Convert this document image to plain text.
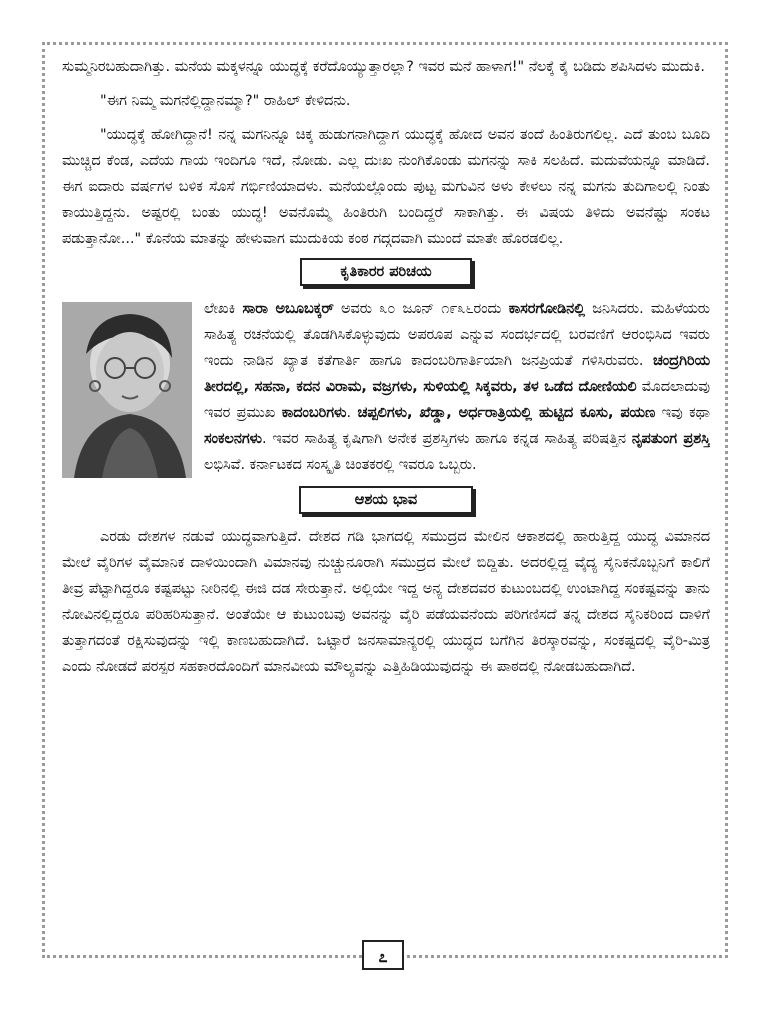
ಸುಮ್ಮನಿರಬಹುದಾಗಿತ್ತು. ಮನೆಯ ಮಕ್ಕಳನ್ನೂ ಯುದ್ಧಕ್ಕೆ ಕರೆದೊಯ್ಯುತ್ತಾರಲ್ಲಾ? ಇವರ ಮನೆ ಹಾಳಾಗ!" ನೆಲಕ್ಕೆ ಕೈ ಬಡಿದು ಶಪಿಸಿದಳು ಮುದುಕಿ.

"ಈಗ ನಿಮ್ಮ ಮಗನೆಲ್ಲಿದ್ದಾನಮ್ಮಾ?" ರಾಹಿಲ್ ಕೇಳಿದನು.

"ಯುದ್ಧಕ್ಕೆ ಹೋಗಿದ್ದಾನೆ! ನನ್ನ ಮಗನಿನ್ನೂ ಚಿಕ್ಕ ಹುಡುಗನಾಗಿದ್ದಾಗ ಯುದ್ಧಕ್ಕೆ ಹೋದ ಅವನ ತಂದೆ ಹಿಂತಿರುಗಲಿಲ್ಲ. ಎದೆ ತುಂಬ ಬೂದಿ ಮುಚ್ಚಿದ ಕೆಂಡ, ಎದೆಯ ಗಾಯ ಇಂದಿಗೂ ಇದೆ, ನೋಡು. ಎಲ್ಲ ದುಃಖ ನುಂಗಿಕೊಂಡು ಮಗನನ್ನು ಸಾಕಿ ಸಲಹಿದೆ. ಮದುವೆಯನ್ನೂ ಮಾಡಿದೆ. ಈಗ ಐದಾರು ವರ್ಷಗಳ ಬಳಿಕ ಸೊಸೆ ಗರ್ಭಿಣಿಯಾದಳು. ಮನೆಯಲ್ಲೊಂದು ಪುಟ್ಟ ಮಗುವಿನ ಅಳು ಕೇಳಲು ನನ್ನ ಮಗನು ತುದಿಗಾಲಲ್ಲಿ ನಿಂತು ಕಾಯುತ್ತಿದ್ದನು. ಅಷ್ಟರಲ್ಲಿ ಬಂತು ಯುದ್ಧ! ಅವನೊಮ್ಮೆ ಹಿಂತಿರುಗಿ ಬಂದಿದ್ದರೆ ಸಾಕಾಗಿತ್ತು. ಈ ವಿಷಯ ತಿಳಿದು ಅವನೆಷ್ಟು ಸಂಕಟ ಪಡುತ್ತಾನೋ..." ಕೊನೆಯ ಮಾತನ್ನು ಹೇಳುವಾಗ ಮುದುಕಿಯ ಕಂಠ ಗದ್ಗದವಾಗಿ ಮುಂದೆ ಮಾತೇ ಹೊರಡಲಿಲ್ಲ.

ಕೃತಿಕಾರರ ಪರಿಚಯ

ಲೇಖಕಿ ಸಾರಾ ಅಬೂಬಕ್ಕರ್ ಅವರು ೩೦ ಜೂನ್ ೧೯೩೬ರಂದು ಕಾಸರಗೋಡಿನಲ್ಲಿ ಜನಿಸಿದರು. ಮಹಿಳೆಯರು ಸಾಹಿತ್ಯ ರಚನೆಯಲ್ಲಿ ತೊಡಗಿಸಿಕೊಳ್ಳುವುದು ಅಪರೂಪ ಎನ್ನುವ ಸಂದರ್ಭದಲ್ಲಿ ಬರವಣಿಗೆ ಆರಂಭಿಸಿದ ಇವರು ಇಂದು ನಾಡಿನ ಖ್ಯಾತ ಕತೆಗಾರ್ತಿ ಹಾಗೂ ಕಾದಂಬರಿಗಾರ್ತಿಯಾಗಿ ಜನಪ್ರಿಯತೆ ಗಳಿಸಿರುವರು. ಚಂದ್ರಗಿರಿಯ ತೀರದಲ್ಲಿ, ಸಹನಾ, ಕದನ ವಿರಾಮ, ವಜ್ರಗಳು, ಸುಳಿಯಲ್ಲಿ ಸಿಕ್ಕವರು, ತಳ ಒಡೆದ ದೋಣಿಯಲಿ ಮೊದಲಾದುವು ಇವರ ಪ್ರಮುಖ ಕಾದಂಬರಿಗಳು. ಚಪ್ಪಲಿಗಳು, ಖೆಡ್ಡಾ, ಅರ್ಧರಾತ್ರಿಯಲ್ಲಿ ಹುಟ್ಟಿದ ಕೂಸು, ಪಯಣ ಇವು ಕಥಾ ಸಂಕಲನಗಳು. ಇವರ ಸಾಹಿತ್ಯ ಕೃಷಿಗಾಗಿ ಅನೇಕ ಪ್ರಶಸ್ತಿಗಳು ಹಾಗೂ ಕನ್ನಡ ಸಾಹಿತ್ಯ ಪರಿಷತ್ತಿನ ನೃಪತುಂಗ ಪ್ರಶಸ್ತಿ ಲಭಿಸಿವೆ. ಕರ್ನಾಟಕದ ಸಂಸ್ಕೃತಿ ಚಿಂತಕರಲ್ಲಿ ಇವರೂ ಒಬ್ಬರು.

ಆಶಯ ಭಾವ

ಎರಡು ದೇಶಗಳ ನಡುವೆ ಯುದ್ಧವಾಗುತ್ತಿದೆ. ದೇಶದ ಗಡಿ ಭಾಗದಲ್ಲಿ ಸಮುದ್ರದ ಮೇಲಿನ ಆಕಾಶದಲ್ಲಿ ಹಾರುತ್ತಿದ್ದ ಯುದ್ಧ ವಿಮಾನದ ಮೇಲೆ ವೈರಿಗಳ ವೈಮಾನಿಕ ದಾಳಿಯಿಂದಾಗಿ ವಿಮಾನವು ನುಚ್ಚುನೂರಾಗಿ ಸಮುದ್ರದ ಮೇಲೆ ಬಿದ್ದಿತು. ಅದರಲ್ಲಿದ್ದ ವೈದ್ಯ ಸೈನಿಕನೊಬ್ಬನಿಗೆ ಕಾಲಿಗೆ ತೀವ್ರ ಪೆಟ್ಟಾಗಿದ್ದರೂ ಕಷ್ಟಪಟ್ಟು ನೀರಿನಲ್ಲಿ ಈಜಿ ದಡ ಸೇರುತ್ತಾನೆ. ಅಲ್ಲಿಯೇ ಇದ್ದ ಅನ್ಯ ದೇಶದವರ ಕುಟುಂಬದಲ್ಲಿ ಉಂಟಾಗಿದ್ದ ಸಂಕಷ್ಟವನ್ನು ತಾನು ನೋವಿನಲ್ಲಿದ್ದರೂ ಪರಿಹರಿಸುತ್ತಾನೆ. ಅಂತೆಯೇ ಆ ಕುಟುಂಬವು ಅವನನ್ನು ವೈರಿ ಪಡೆಯವನೆಂದು ಪರಿಗಣಿಸದೆ ತನ್ನ ದೇಶದ ಸೈನಿಕರಿಂದ ದಾಳಿಗೆ ತುತ್ತಾಗದಂತೆ ರಕ್ಷಿಸುವುದನ್ನು ಇಲ್ಲಿ ಕಾಣಬಹುದಾಗಿದೆ. ಒಟ್ಟಾರೆ ಜನಸಾಮಾನ್ಯರಲ್ಲಿ ಯುದ್ಧದ ಬಗೆಗಿನ ತಿರಸ್ಕಾರವನ್ನು, ಸಂಕಷ್ಟದಲ್ಲಿ ವೈರಿ-ಮಿತ್ರ ಎಂದು ನೋಡದೆ ಪರಸ್ಪರ ಸಹಕಾರದೊಂದಿಗೆ ಮಾನವೀಯ ಮೌಲ್ಯವನ್ನು ಎತ್ತಿಹಿಡಿಯುವುದನ್ನು ಈ ಪಾಠದಲ್ಲಿ ನೋಡಬಹುದಾಗಿದೆ.

೭
